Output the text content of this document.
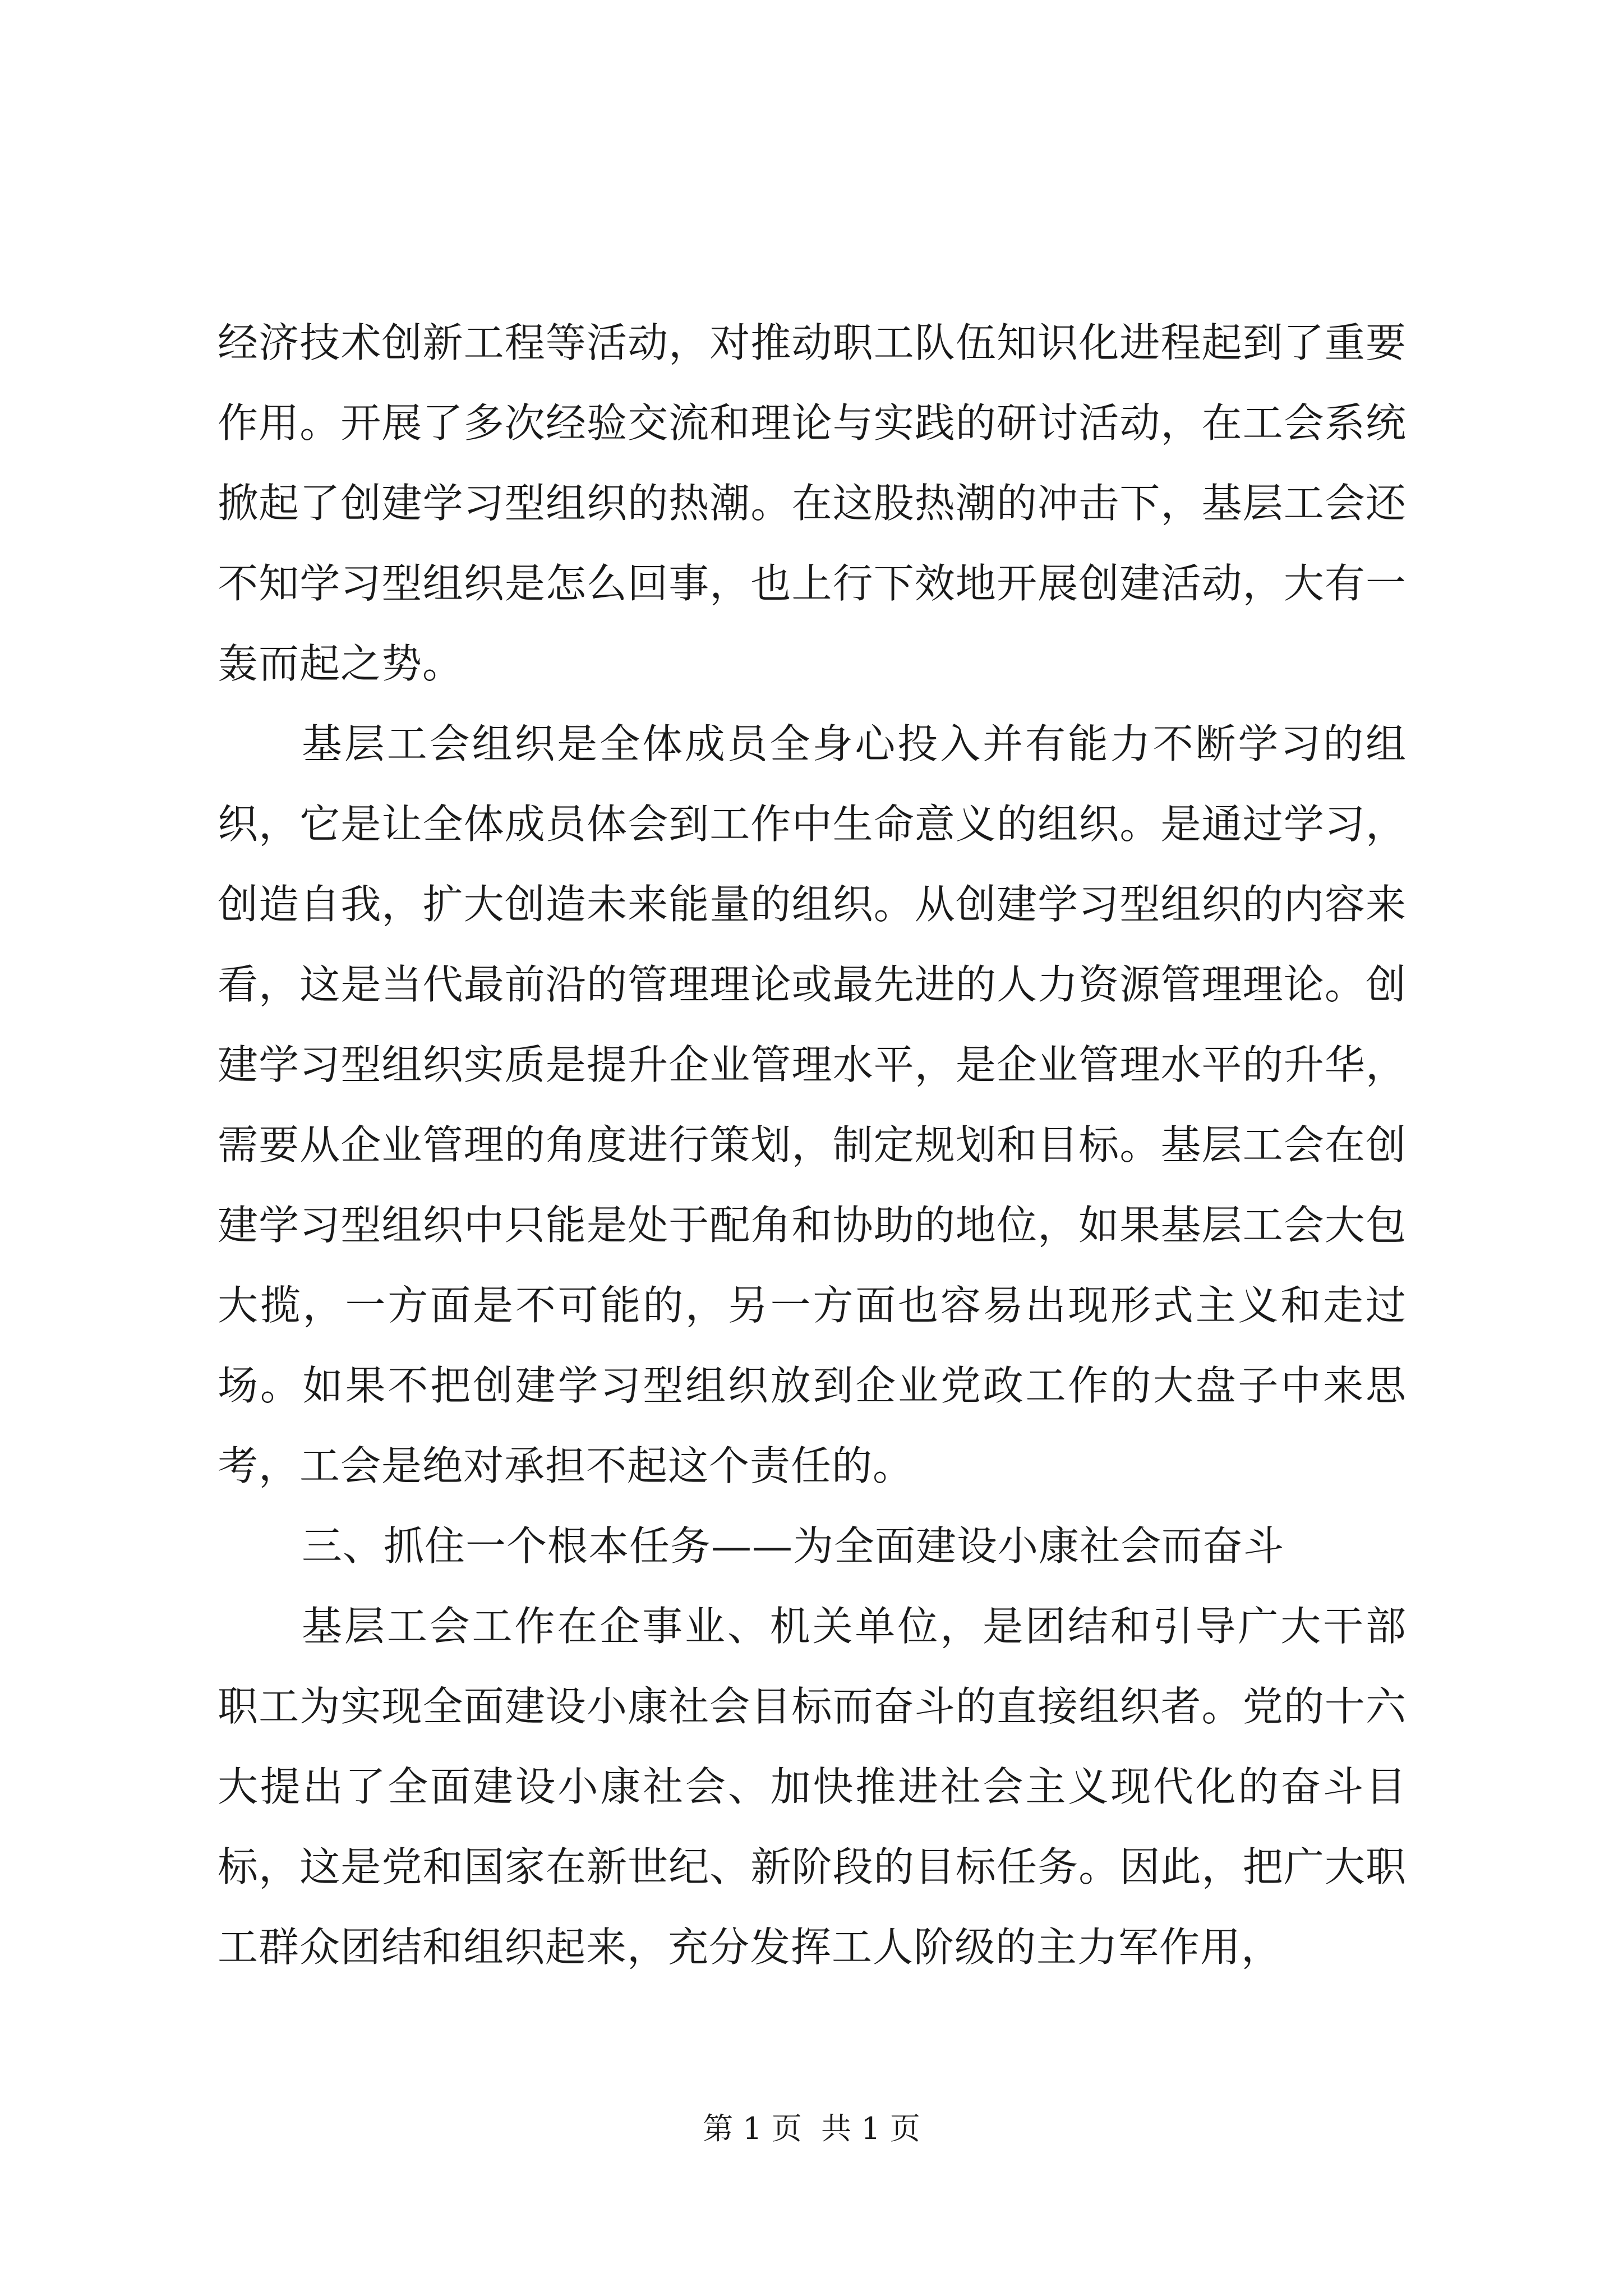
经济技术创新工程等活动，对推动职工队伍知识化进程起到了重要作用。开展了多次经验交流和理论与实践的研讨活动，在工会系统掀起了创建学习型组织的热潮。在这股热潮的冲击下，基层工会还不知学习型组织是怎么回事，也上行下效地开展创建活动，大有一轰而起之势。

基层工会组织是全体成员全身心投入并有能力不断学习的组织，它是让全体成员体会到工作中生命意义的组织。是通过学习，创造自我，扩大创造未来能量的组织。从创建学习型组织的内容来看，这是当代最前沿的管理理论或最先进的人力资源管理理论。创建学习型组织实质是提升企业管理水平，是企业管理水平的升华，需要从企业管理的角度进行策划，制定规划和目标。基层工会在创建学习型组织中只能是处于配角和协助的地位，如果基层工会大包大揽，一方面是不可能的，另一方面也容易出现形式主义和走过场。如果不把创建学习型组织放到企业党政工作的大盘子中来思考，工会是绝对承担不起这个责任的。

三、抓住一个根本任务——为全面建设小康社会而奋斗

基层工会工作在企事业、机关单位，是团结和引导广大干部职工为实现全面建设小康社会目标而奋斗的直接组织者。党的十六大提出了全面建设小康社会、加快推进社会主义现代化的奋斗目标，这是党和国家在新世纪、新阶段的目标任务。因此，把广大职工群众团结和组织起来，充分发挥工人阶级的主力军作用，

第 1 页  共 1 页
